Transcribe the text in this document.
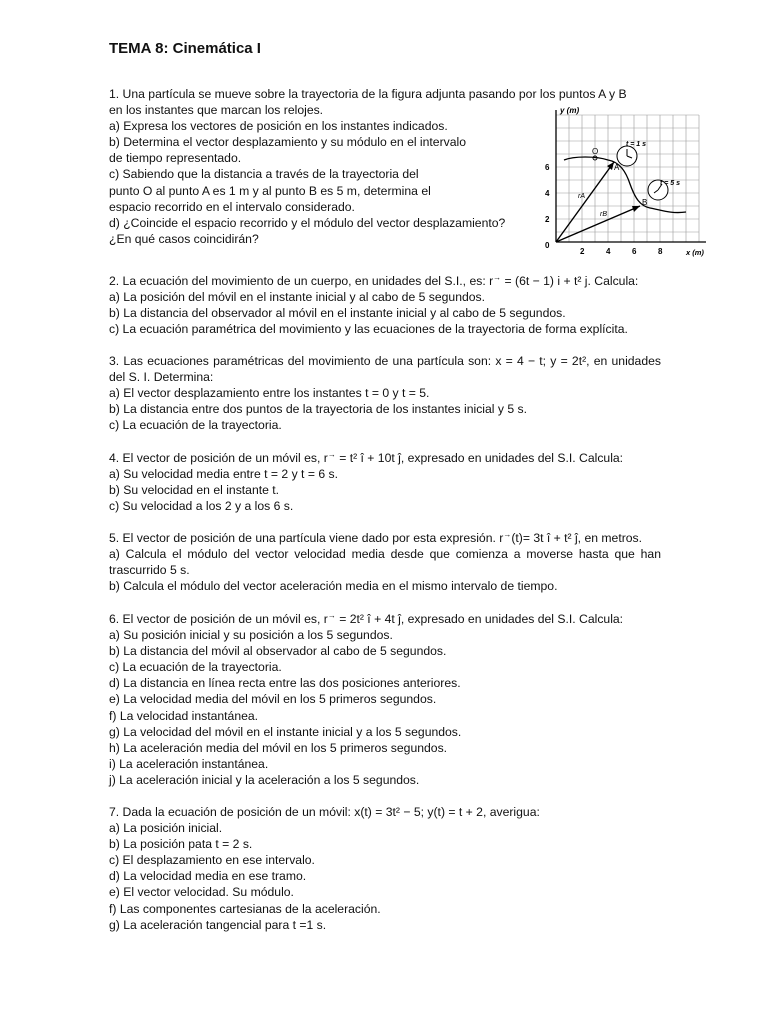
TEMA 8: Cinemática I
1. Una partícula se mueve sobre la trayectoria de la figura adjunta pasando por los puntos A y B
en los instantes que marcan los relojes.
a) Expresa los vectores de posición en los instantes indicados.
b) Determina el vector desplazamiento y su módulo en el intervalo
de tiempo representado.
c) Sabiendo que la distancia a través de la trayectoria del
punto O al punto A es 1 m y al punto B es 5 m, determina el
espacio recorrido en el intervalo considerado.
d) ¿Coincide el espacio recorrido y el módulo del vector desplazamiento?
¿En qué casos coincidirán?
y (m)
x (m)
0
2	4	6	8
2
4
6
rA
rB
O
A
B
t = 1 s
t = 5 s
2. La ecuación del movimiento de un cuerpo, en unidades del S.I., es: r→ = (6t − 1) i + t² j. Calcula:
a) La posición del móvil en el instante inicial y al cabo de 5 segundos.
b) La distancia del observador al móvil en el instante inicial y al cabo de 5 segundos.
c) La ecuación paramétrica del movimiento y las ecuaciones de la trayectoria de forma explícita.
3. Las ecuaciones paramétricas del movimiento de una partícula son: x = 4 − t; y = 2t², en unidades del S. I. Determina:
a) El vector desplazamiento entre los instantes t = 0 y t = 5.
b) La distancia entre dos puntos de la trayectoria de los instantes inicial y 5 s.
c) La ecuación de la trayectoria.
4. El vector de posición de un móvil es, r→ = t² î + 10t ĵ, expresado en unidades del S.I. Calcula:
a) Su velocidad media entre t = 2 y t = 6 s.
b) Su velocidad en el instante t.
c) Su velocidad a los 2 y a los 6 s.
5. El vector de posición de una partícula viene dado por esta expresión. r→(t)= 3t î + t² ĵ, en metros.
a) Calcula el módulo del vector velocidad media desde que comienza a moverse hasta que han trascurrido 5 s.
b) Calcula el módulo del vector aceleración media en el mismo intervalo de tiempo.
6. El vector de posición de un móvil es, r→ = 2t² î + 4t ĵ, expresado en unidades del S.I. Calcula:
a) Su posición inicial y su posición a los 5 segundos.
b) La distancia del móvil al observador al cabo de 5 segundos.
c) La ecuación de la trayectoria.
d) La distancia en línea recta entre las dos posiciones anteriores.
e) La velocidad media del móvil en los 5 primeros segundos.
f) La velocidad instantánea.
g) La velocidad del móvil en el instante inicial y a los 5 segundos.
h) La aceleración media del móvil en los 5 primeros segundos.
i) La aceleración instantánea.
j) La aceleración inicial y la aceleración a los 5 segundos.
7. Dada la ecuación de posición de un móvil: x(t) = 3t² − 5; y(t) = t + 2, averigua:
a) La posición inicial.
b) La posición pata t = 2 s.
c) El desplazamiento en ese intervalo.
d) La velocidad media en ese tramo.
e) El vector velocidad. Su módulo.
f) Las componentes cartesianas de la aceleración.
g) La aceleración tangencial para t =1 s.
